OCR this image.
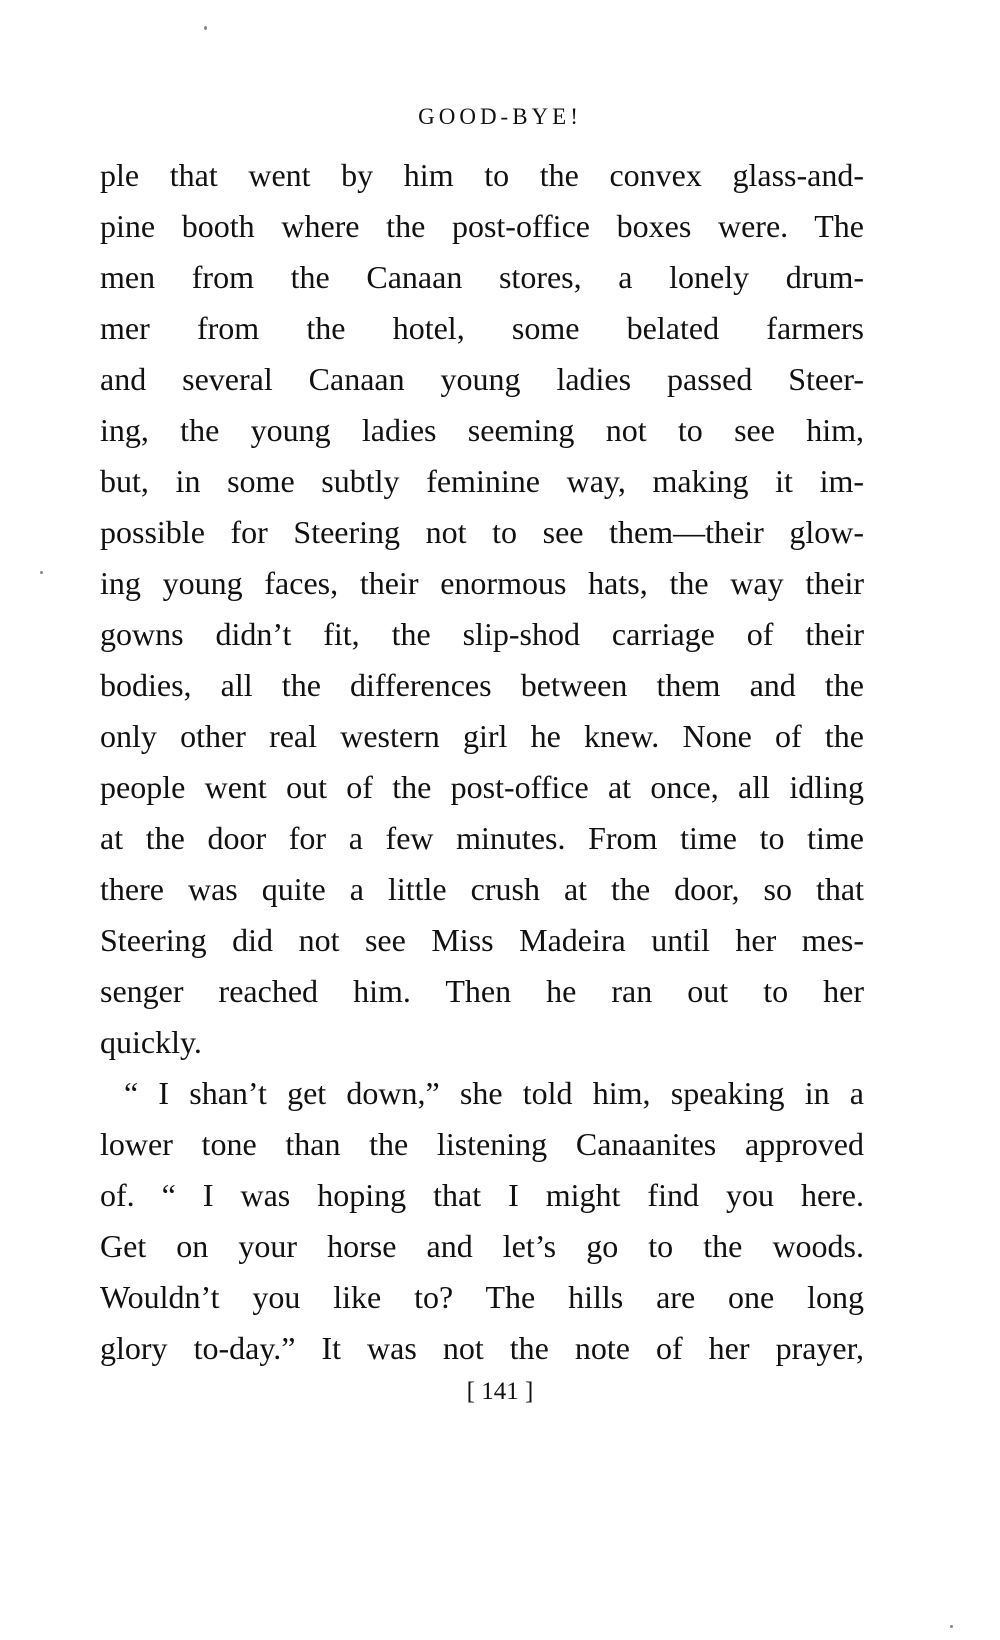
GOOD-BYE!
ple that went by him to the convex glass-and-
pine booth where the post-office boxes were. The
men from the Canaan stores, a lonely drum-
mer from the hotel, some belated farmers
and several Canaan young ladies passed Steer-
ing, the young ladies seeming not to see him,
but, in some subtly feminine way, making it im-
possible for Steering not to see them—their glow-
ing young faces, their enormous hats, the way their
gowns didn’t fit, the slip-shod carriage of their
bodies, all the differences between them and the
only other real western girl he knew. None of the
people went out of the post-office at once, all idling
at the door for a few minutes. From time to time
there was quite a little crush at the door, so that
Steering did not see Miss Madeira until her mes-
senger reached him. Then he ran out to her
quickly.
“ I shan’t get down,” she told him, speaking in a
lower tone than the listening Canaanites approved
of. “ I was hoping that I might find you here.
Get on your horse and let’s go to the woods.
Wouldn’t you like to? The hills are one long
glory to-day.” It was not the note of her prayer,
[ 141 ]
